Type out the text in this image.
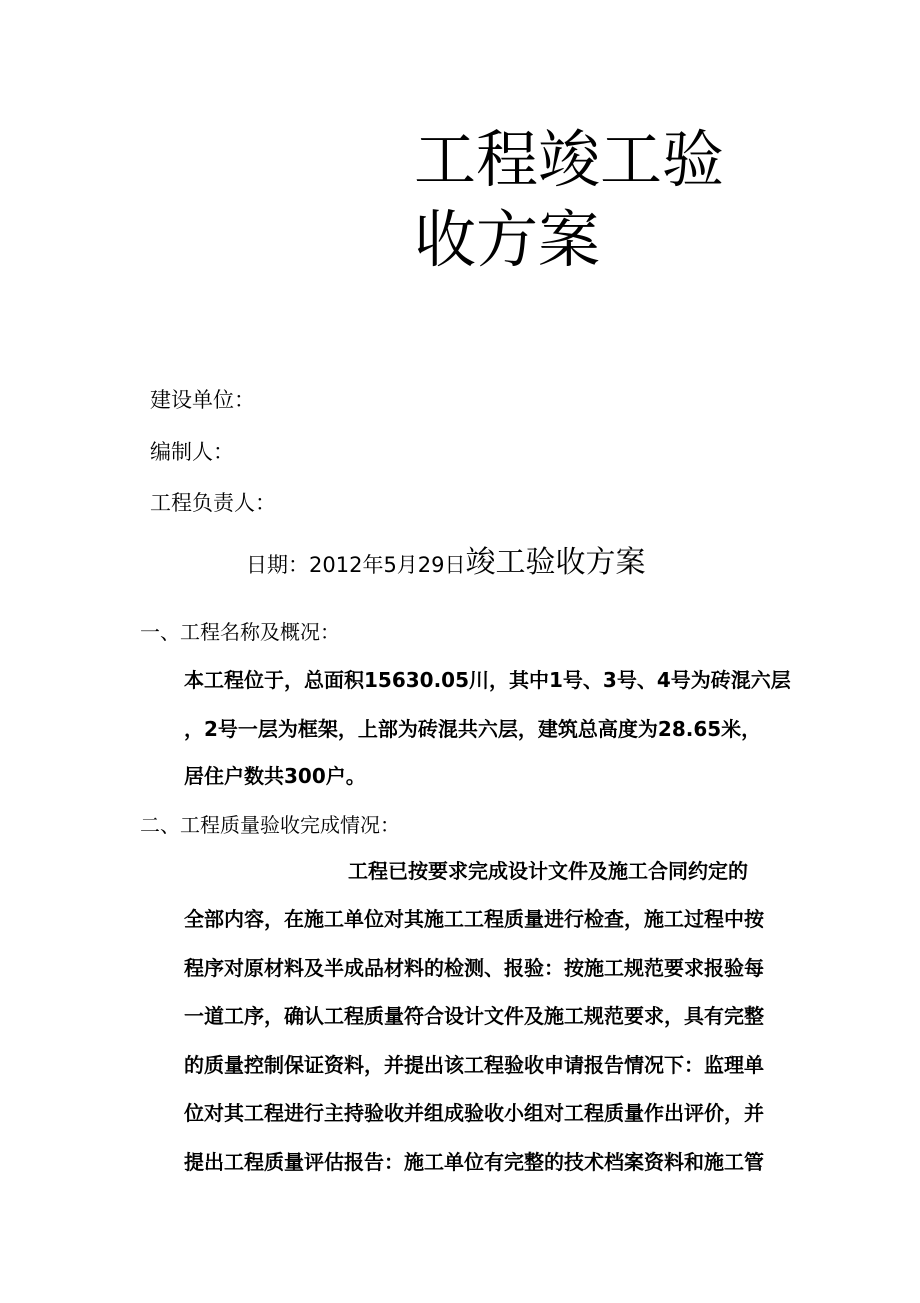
工程竣工验
收方案
建设单位：
编制人：
工程负责人：
日期：2012年5月29日竣工验收方案
一、工程名称及概况：
本工程位于，总面积15630.05川，其中1号、3号、4号为砖混六层
，2号一层为框架，上部为砖混共六层，建筑总高度为28.65米，
居住户数共300户。
二、工程质量验收完成情况：
工程已按要求完成设计文件及施工合同约定的
全部内容，在施工单位对其施工工程质量进行检查，施工过程中按
程序对原材料及半成品材料的检测、报验：按施工规范要求报验每
一道工序，确认工程质量符合设计文件及施工规范要求，具有完整
的质量控制保证资料，并提出该工程验收申请报告情况下：监理单
位对其工程进行主持验收并组成验收小组对工程质量作出评价，并
提出工程质量评估报告：施工单位有完整的技术档案资料和施工管
